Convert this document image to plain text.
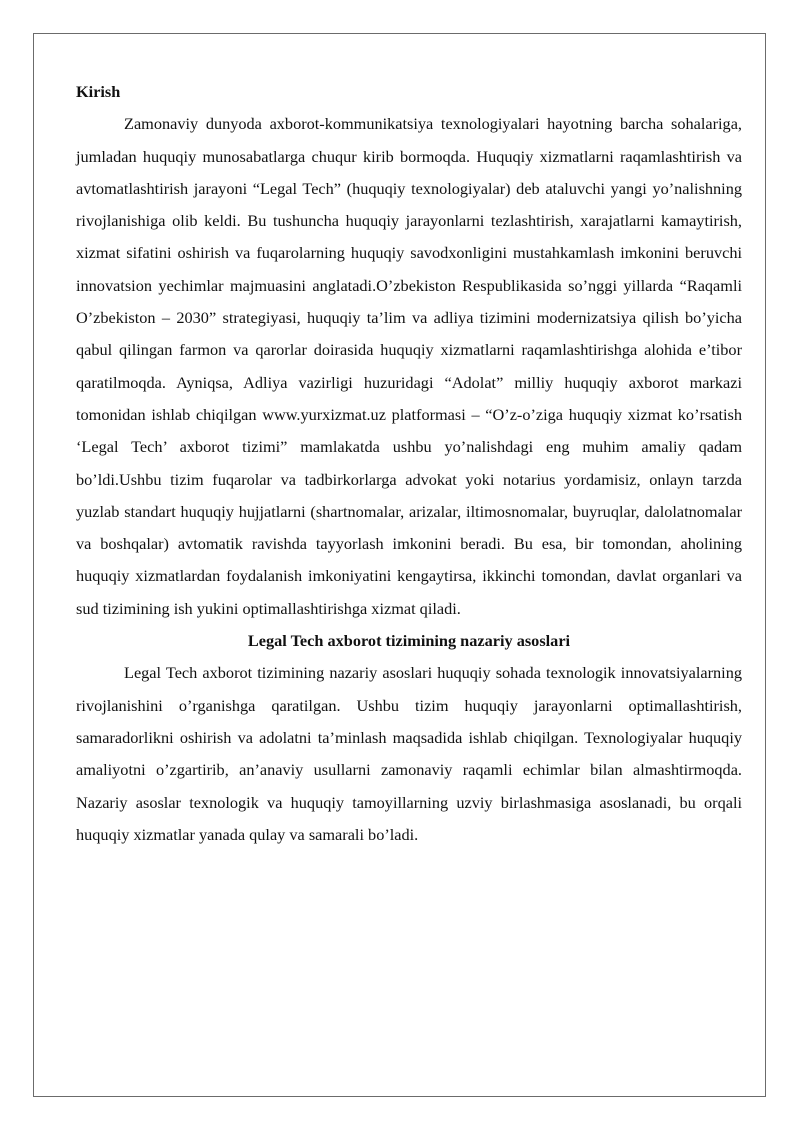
Kirish

Zamonaviy dunyoda axborot-kommunikatsiya texnologiyalari hayotning barcha sohalariga, jumladan huquqiy munosabatlarga chuqur kirib bormoqda. Huquqiy xizmatlarni raqamlashtirish va avtomatlashtirish jarayoni “Legal Tech” (huquqiy texnologiyalar) deb ataluvchi yangi yo’nalishning rivojlanishiga olib keldi. Bu tushuncha huquqiy jarayonlarni tezlashtirish, xarajatlarni kamaytirish, xizmat sifatini oshirish va fuqarolarning huquqiy savodxonligini mustahkamlash imkonini beruvchi innovatsion yechimlar majmuasini anglatadi.O’zbekiston Respublikasida so’nggi yillarda “Raqamli O’zbekiston – 2030” strategiyasi, huquqiy ta’lim va adliya tizimini modernizatsiya qilish bo’yicha qabul qilingan farmon va qarorlar doirasida huquqiy xizmatlarni raqamlashtirishga alohida e’tibor qaratilmoqda. Ayniqsa, Adliya vazirligi huzuridagi “Adolat” milliy huquqiy axborot markazi tomonidan ishlab chiqilgan www.yurxizmat.uz platformasi – “O’z-o’ziga huquqiy xizmat ko’rsatish ‘Legal Tech’ axborot tizimi” mamlakatda ushbu yo’nalishdagi eng muhim amaliy qadam bo’ldi.Ushbu tizim fuqarolar va tadbirkorlarga advokat yoki notarius yordamisiz, onlayn tarzda yuzlab standart huquqiy hujjatlarni (shartnomalar, arizalar, iltimosnomalar, buyruqlar, dalolatnomalar va boshqalar) avtomatik ravishda tayyorlash imkonini beradi. Bu esa, bir tomondan, aholining huquqiy xizmatlardan foydalanish imkoniyatini kengaytirsa, ikkinchi tomondan, davlat organlari va sud tizimining ish yukini optimallashtirishga xizmat qiladi.

Legal Tech axborot tizimining nazariy asoslari

Legal Tech axborot tizimining nazariy asoslari huquqiy sohada texnologik innovatsiyalarning rivojlanishini o’rganishga qaratilgan. Ushbu tizim huquqiy jarayonlarni optimallashtirish, samaradorlikni oshirish va adolatni ta’minlash maqsadida ishlab chiqilgan. Texnologiyalar huquqiy amaliyotni o’zgartirib, an’anaviy usullarni zamonaviy raqamli echimlar bilan almashtirmoqda. Nazariy asoslar texnologik va huquqiy tamoyillarning uzviy birlashmasiga asoslanadi, bu orqali huquqiy xizmatlar yanada qulay va samarali bo’ladi.
